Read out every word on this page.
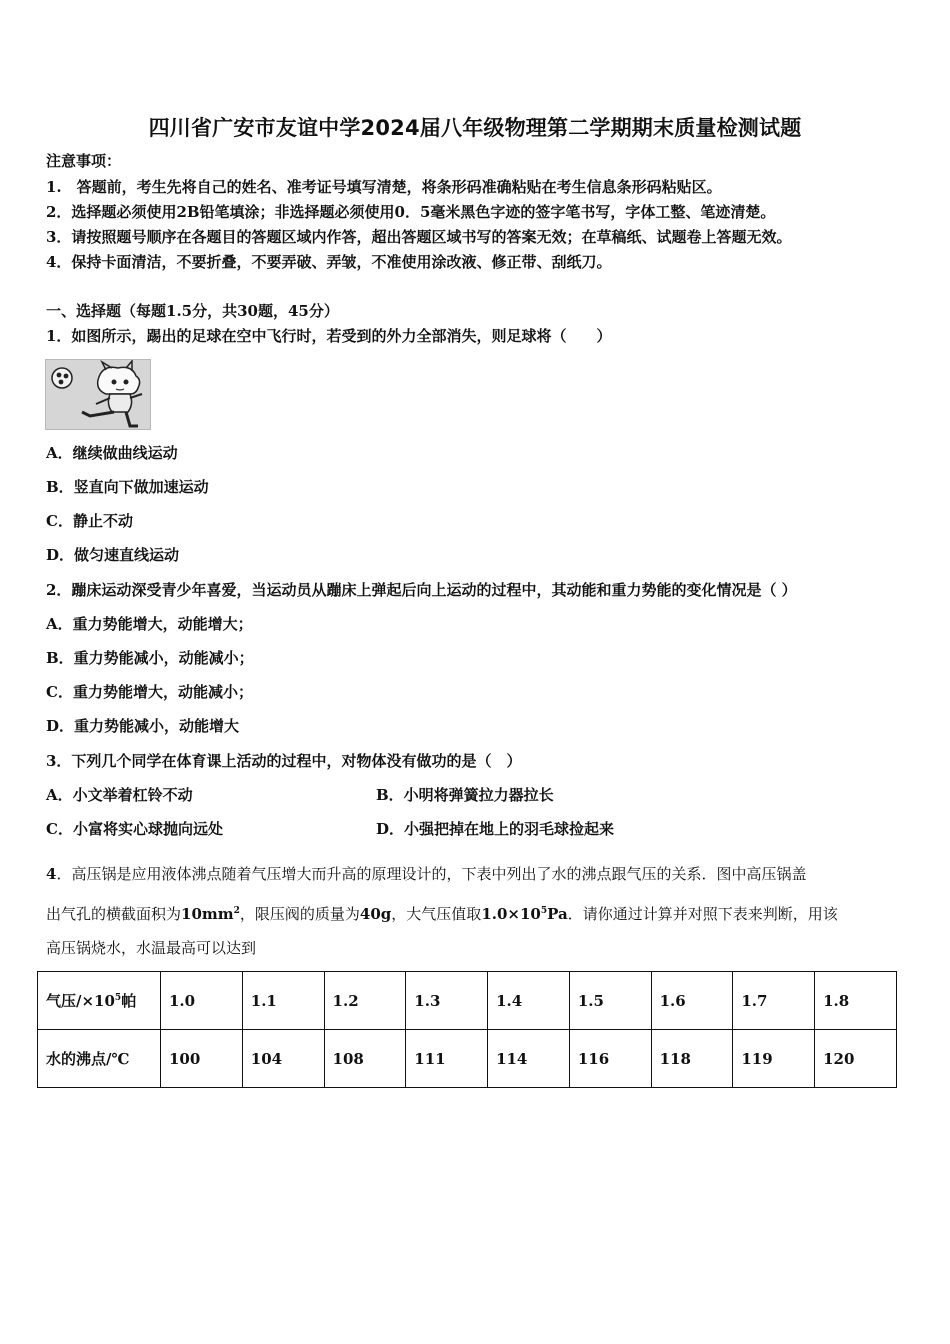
四川省广安市友谊中学2024届八年级物理第二学期期末质量检测试题
注意事项：
1.　答题前，考生先将自己的姓名、准考证号填写清楚，将条形码准确粘贴在考生信息条形码粘贴区。
2．选择题必须使用2B铅笔填涂；非选择题必须使用0．5毫米黑色字迹的签字笔书写，字体工整、笔迹清楚。
3．请按照题号顺序在各题目的答题区域内作答，超出答题区域书写的答案无效；在草稿纸、试题卷上答题无效。
4．保持卡面清洁，不要折叠，不要弄破、弄皱，不准使用涂改液、修正带、刮纸刀。
一、选择题（每题1.5分，共30题，45分）
1．如图所示，踢出的足球在空中飞行时，若受到的外力全部消失，则足球将（　　）
A．继续做曲线运动
B．竖直向下做加速运动
C．静止不动
D．做匀速直线运动
2．蹦床运动深受青少年喜爱，当运动员从蹦床上弹起后向上运动的过程中，其动能和重力势能的变化情况是（ ）
A．重力势能增大，动能增大；
B．重力势能减小，动能减小；
C．重力势能增大，动能减小；
D．重力势能减小，动能增大
3．下列几个同学在体育课上活动的过程中，对物体没有做功的是（　）
A．小文举着杠铃不动	B．小明将弹簧拉力器拉长
C．小富将实心球抛向远处	D．小强把掉在地上的羽毛球捡起来
4．高压锅是应用液体沸点随着气压增大而升高的原理设计的，下表中列出了水的沸点跟气压的关系．图中高压锅盖
出气孔的横截面积为$10mm^2$，限压阀的质量为40g，大气压值取$1.0\times 10^5Pa$．请你通过计算并对照下表来判断，用该
高压锅烧水，水温最高可以达到
气压$/\times 10^5$帕	1.0	1.1	1.2	1.3	1.4	1.5	1.6	1.7	1.8
水的沸点/℃	100	104	108	111	114	116	118	119	120
